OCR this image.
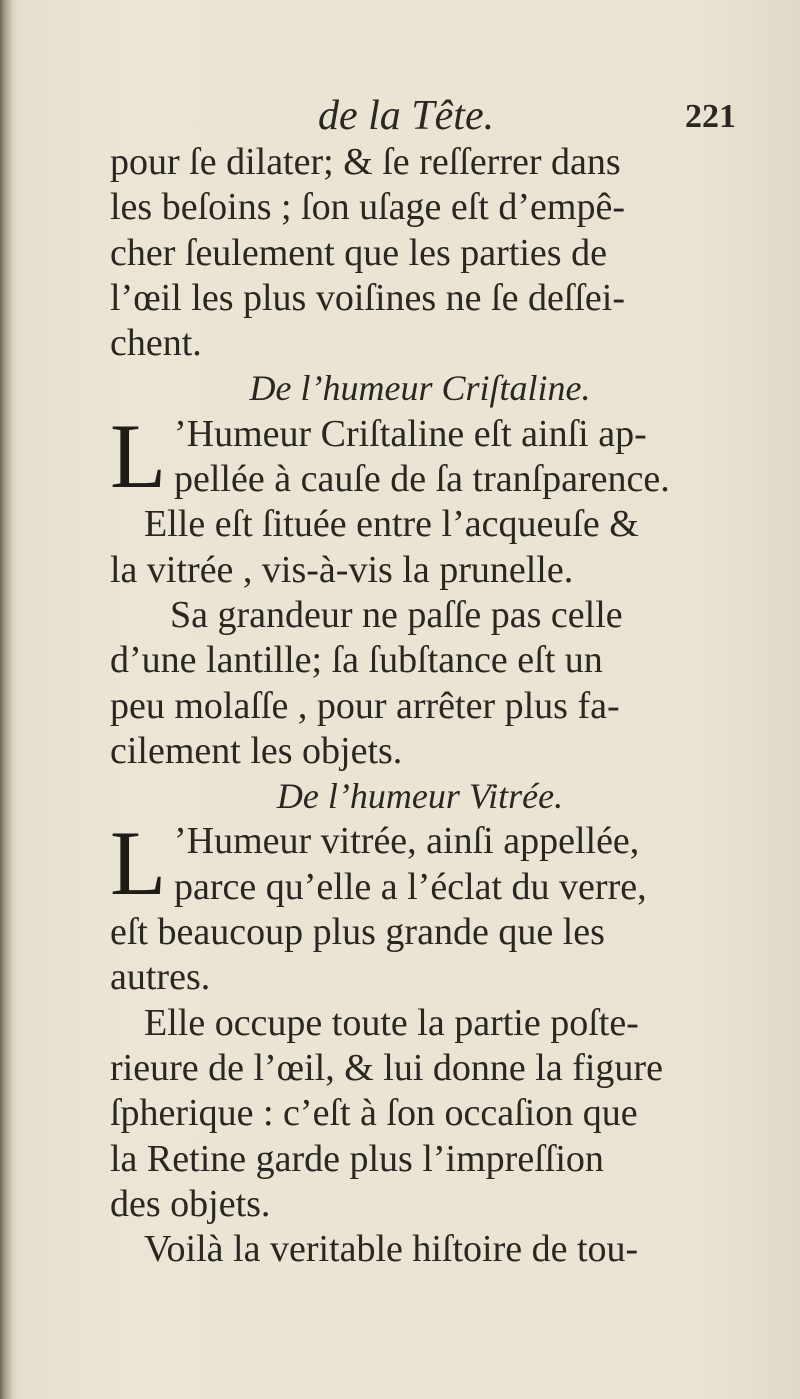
de la Tête.	221
pour ſe dilater; & ſe reſſerrer dans
les beſoins ; ſon uſage eſt d’empê-
cher ſeulement que les parties de
l’œil les plus voiſines ne ſe deſſei-
chent.
De l’humeur Criſtaline.
L ’Humeur Criſtaline eſt ainſi ap-
pellée à cauſe de ſa tranſparence.
Elle eſt ſituée entre l’acqueuſe &
la vitrée , vis-à-vis la prunelle.
Sa grandeur ne paſſe pas celle
d’une lantille; ſa ſubſtance eſt un
peu molaſſe , pour arrêter plus fa-
cilement les objets.
De l’humeur Vitrée.
L ’Humeur vitrée, ainſi appellée,
parce qu’elle a l’éclat du verre,
eſt beaucoup plus grande que les
autres.
Elle occupe toute la partie poſte-
rieure de l’œil, & lui donne la figure
ſpherique : c’eſt à ſon occaſion que
la Retine garde plus l’impreſſion
des objets.
Voilà la veritable hiſtoire de tou-
